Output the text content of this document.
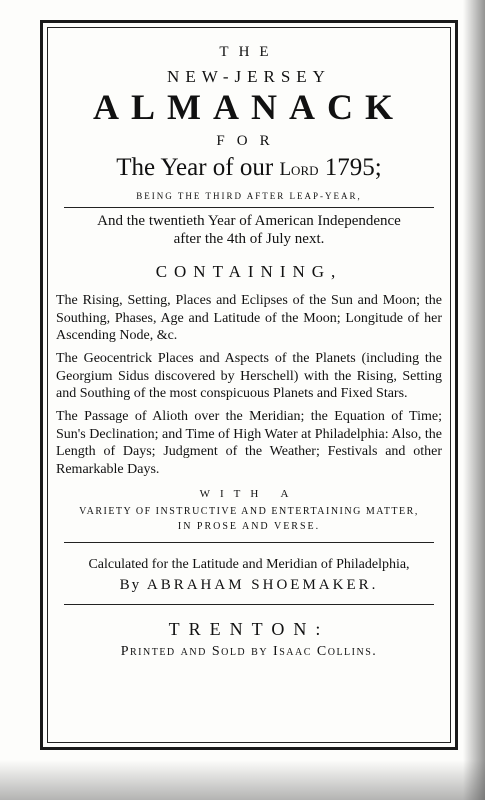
THE
NEW-JERSEY
ALMANACK
FOR
The Year of our Lord 1795;
BEING THE THIRD AFTER LEAP-YEAR,
And the twentieth Year of American Independence
after the 4th of July next.
CONTAINING,
The Rising, Setting, Places and Eclipses of the Sun and Moon; the Southing, Phases, Age and Latitude of the Moon; Longitude of her Ascending Node, &c.
The Geocentrick Places and Aspects of the Planets (including the Georgium Sidus discovered by Herschell) with the Rising, Setting and Southing of the most conspicuous Planets and Fixed Stars.
The Passage of Alioth over the Meridian; the Equation of Time; Sun's Declination; and Time of High Water at Philadelphia: Also, the Length of Days; Judgment of the Weather; Festivals and other Remarkable Days.
WITH A
VARIETY OF INSTRUCTIVE AND ENTERTAINING MATTER,
IN PROSE AND VERSE.
Calculated for the Latitude and Meridian of Philadelphia,
By ABRAHAM SHOEMAKER.
TRENTON:
Printed and Sold by Isaac Collins.
